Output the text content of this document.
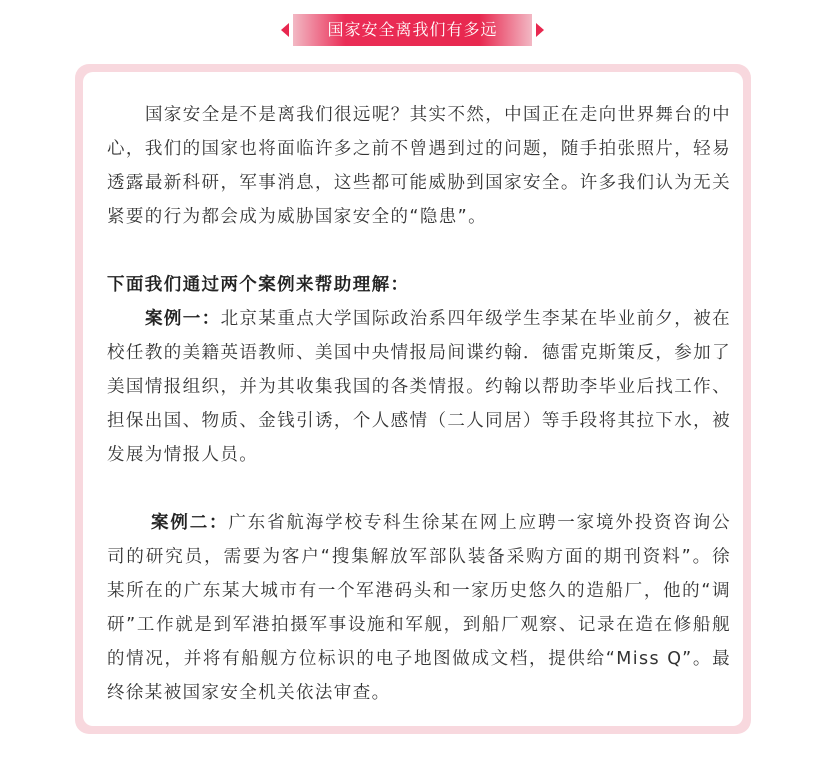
国家安全离我们有多远

国家安全是不是离我们很远呢？其实不然，中国正在走向世界舞台的中心，我们的国家也将面临许多之前不曾遇到过的问题，随手拍张照片，轻易透露最新科研，军事消息，这些都可能威胁到国家安全。许多我们认为无关紧要的行为都会成为威胁国家安全的“隐患”。

下面我们通过两个案例来帮助理解：

案例一：北京某重点大学国际政治系四年级学生李某在毕业前夕，被在校任教的美籍英语教师、美国中央情报局间谍约翰．德雷克斯策反，参加了美国情报组织，并为其收集我国的各类情报。约翰以帮助李毕业后找工作、担保出国、物质、金钱引诱，个人感情（二人同居）等手段将其拉下水，被发展为情报人员。

案例二：广东省航海学校专科生徐某在网上应聘一家境外投资咨询公司的研究员，需要为客户“搜集解放军部队装备采购方面的期刊资料”。徐某所在的广东某大城市有一个军港码头和一家历史悠久的造船厂，他的“调研”工作就是到军港拍摄军事设施和军舰，到船厂观察、记录在造在修船舰的情况，并将有船舰方位标识的电子地图做成文档，提供给“Miss Q”。最终徐某被国家安全机关依法审查。
